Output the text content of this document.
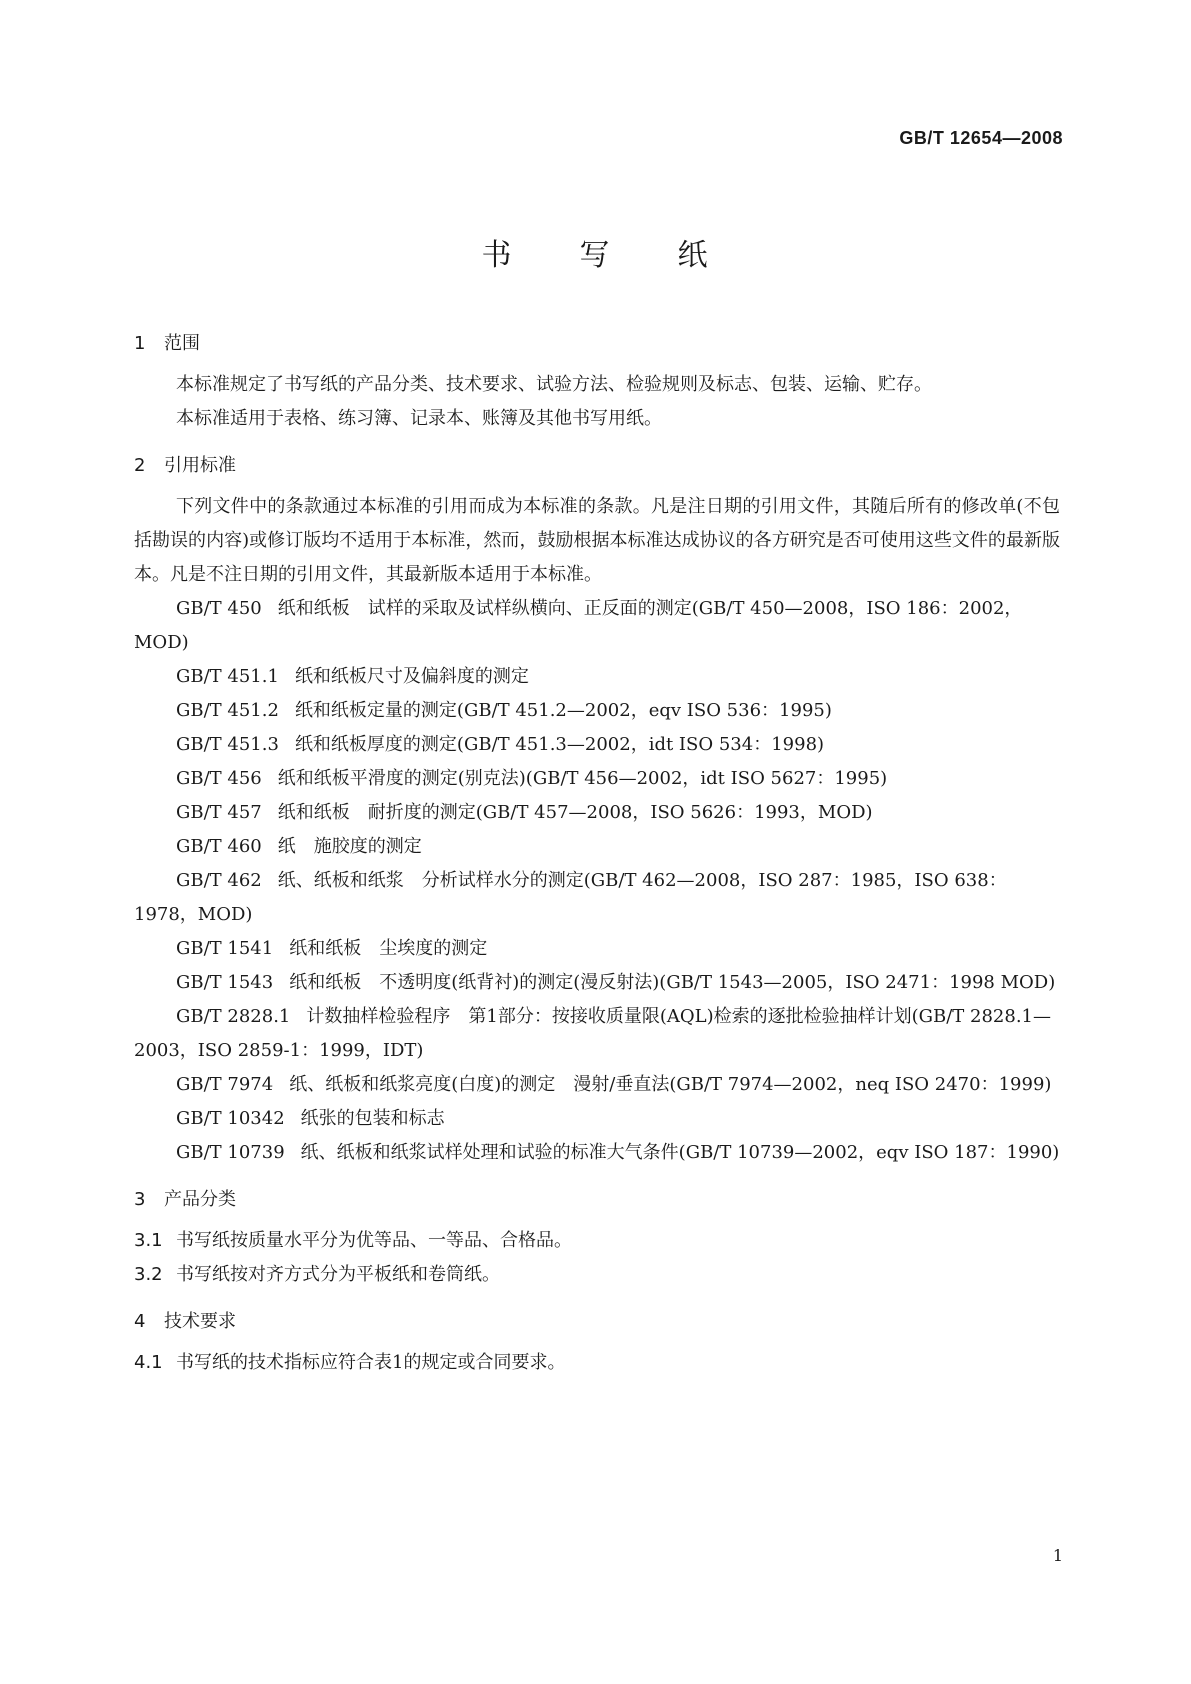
GB/T 12654—2008
书 写 纸
1 范围

本标准规定了书写纸的产品分类、技术要求、试验方法、检验规则及标志、包装、运输、贮存。

本标准适用于表格、练习簿、记录本、账簿及其他书写用纸。

2 引用标准

下列文件中的条款通过本标准的引用而成为本标准的条款。凡是注日期的引用文件，其随后所有的修改单(不包括勘误的内容)或修订版均不适用于本标准，然而，鼓励根据本标准达成协议的各方研究是否可使用这些文件的最新版本。凡是不注日期的引用文件，其最新版本适用于本标准。

GB/T 450 纸和纸板　试样的采取及试样纵横向、正反面的测定(GB/T 450—2008，ISO 186：2002，MOD)

GB/T 451.1 纸和纸板尺寸及偏斜度的测定

GB/T 451.2 纸和纸板定量的测定(GB/T 451.2—2002，eqv ISO 536：1995)

GB/T 451.3 纸和纸板厚度的测定(GB/T 451.3—2002，idt ISO 534：1998)

GB/T 456 纸和纸板平滑度的测定(别克法)(GB/T 456—2002，idt ISO 5627：1995)

GB/T 457 纸和纸板　耐折度的测定(GB/T 457—2008，ISO 5626：1993，MOD)

GB/T 460 纸　施胶度的测定

GB/T 462 纸、纸板和纸浆　分析试样水分的测定(GB/T 462—2008，ISO 287：1985，ISO 638：1978，MOD)

GB/T 1541 纸和纸板　尘埃度的测定

GB/T 1543 纸和纸板　不透明度(纸背衬)的测定(漫反射法)(GB/T 1543—2005，ISO 2471：1998 MOD)

GB/T 2828.1 计数抽样检验程序　第1部分：按接收质量限(AQL)检索的逐批检验抽样计划(GB/T 2828.1—2003，ISO 2859-1：1999，IDT)

GB/T 7974 纸、纸板和纸浆亮度(白度)的测定　漫射/垂直法(GB/T 7974—2002，neq ISO 2470：1999)

GB/T 10342 纸张的包装和标志

GB/T 10739 纸、纸板和纸浆试样处理和试验的标准大气条件(GB/T 10739—2002，eqv ISO 187：1990)

3 产品分类

3.1 书写纸按质量水平分为优等品、一等品、合格品。

3.2 书写纸按对齐方式分为平板纸和卷筒纸。

4 技术要求

4.1 书写纸的技术指标应符合表1的规定或合同要求。

1
